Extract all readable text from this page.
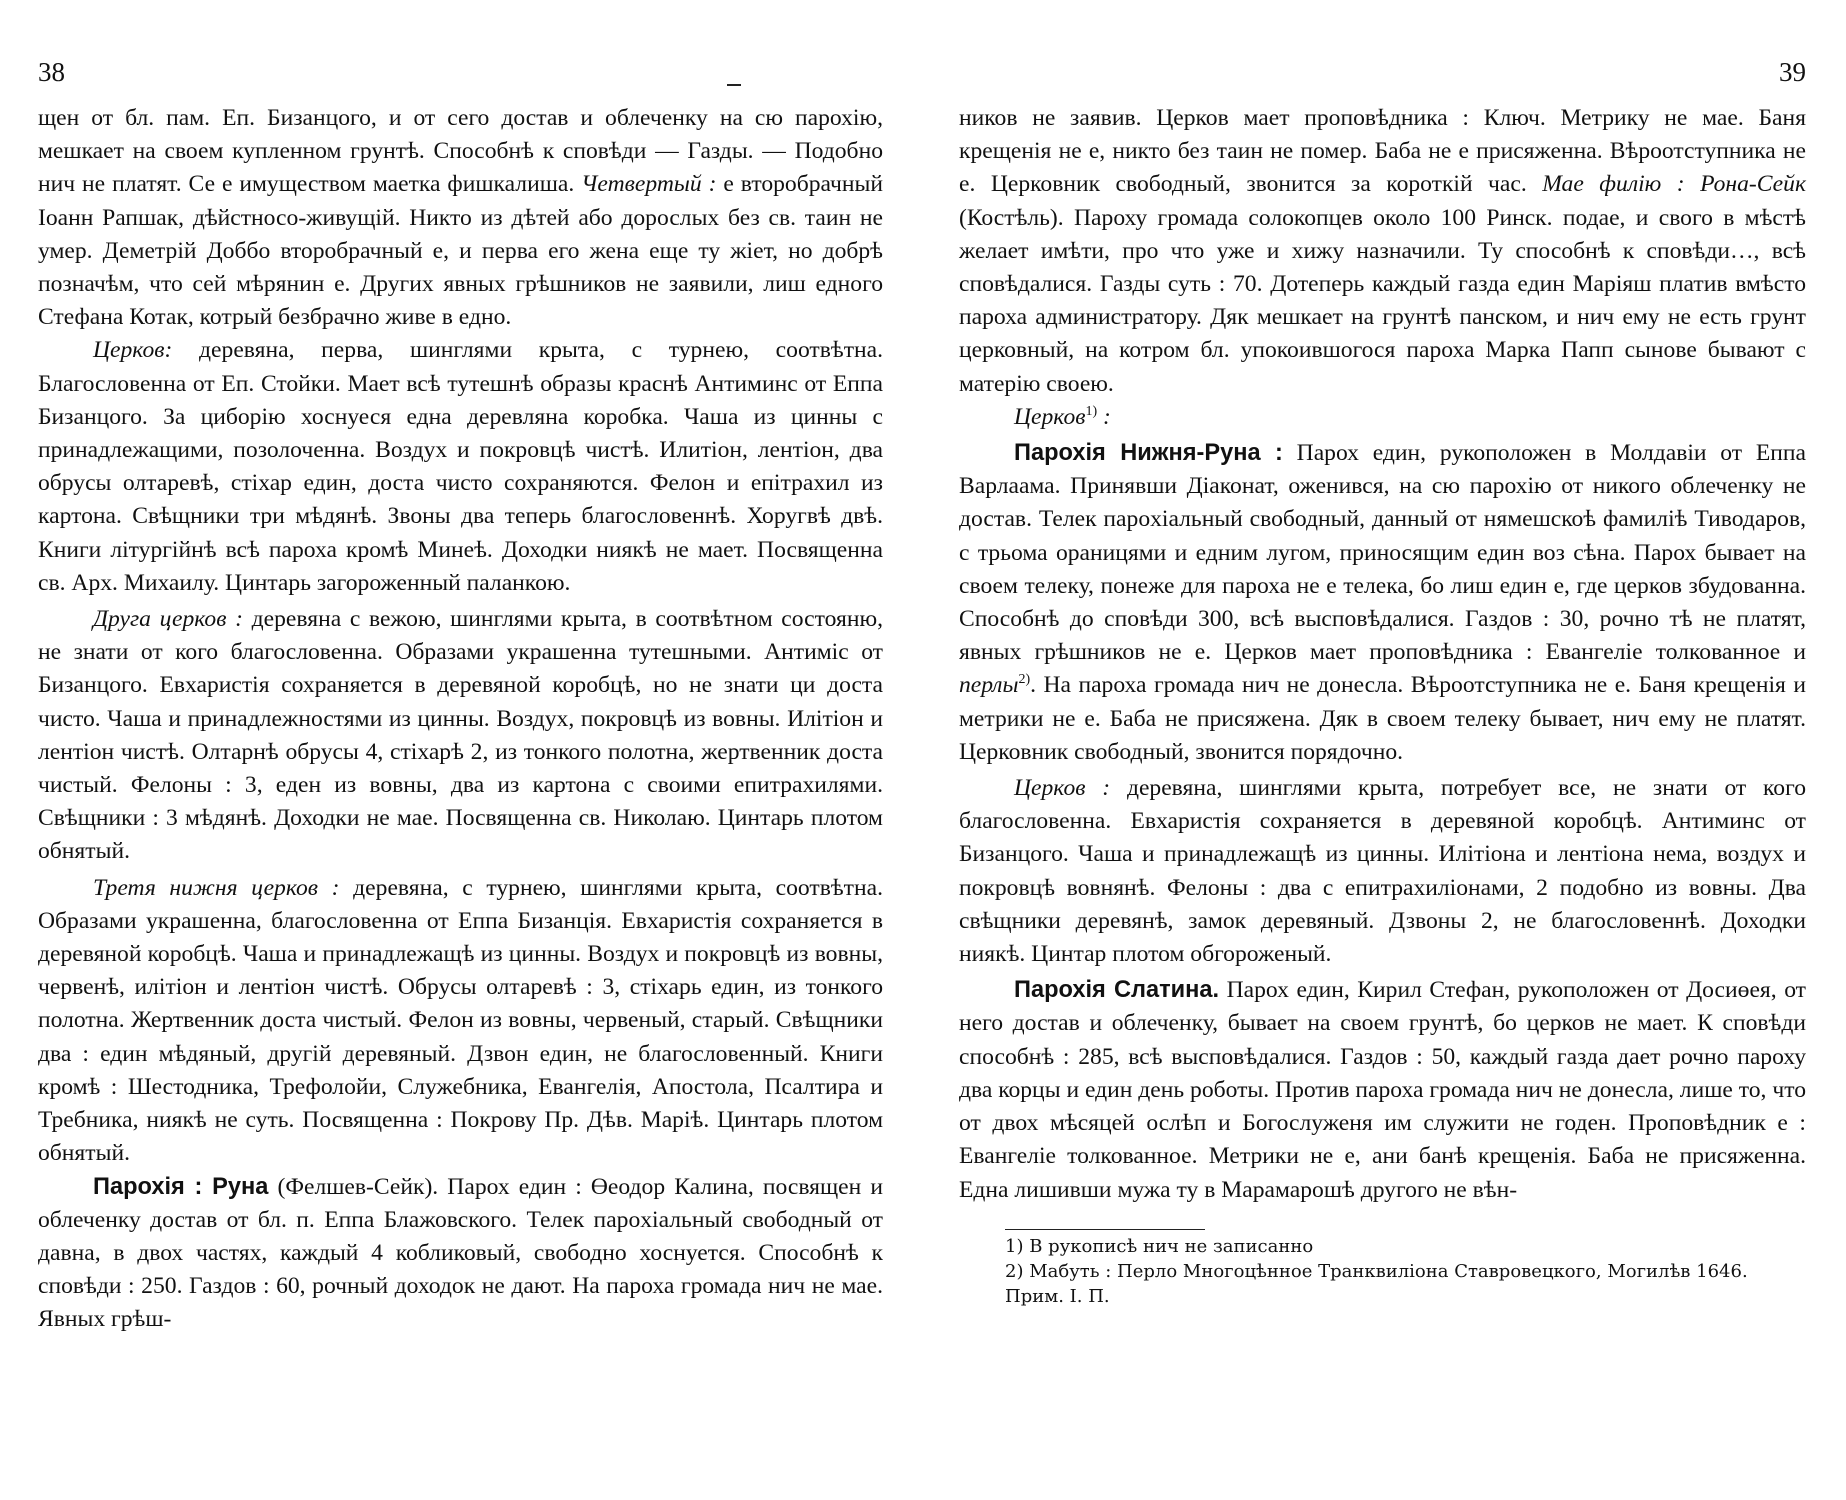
38

щен от бл. пам. Еп. Бизанцого, и от сего достав и облеченку на сю парохію, мешкает на своем купленном грунтѣ. Способнѣ к сповѣди — Газды. — Подобно нич не платят. Се е имуществом маетка фишкалиша. Четвертый : е второбрачный Іоанн Рапшак, дѣйстносо-живущій. Никто из дѣтей або дорослых без св. таин не умер. Деметрій Доббо второбрачный е, и перва его жена еще ту жіет, но добрѣ позначѣм, что сей мѣрянин е. Других явных грѣшников не заявили, лиш едного Стефана Котак, котрый безбрачно живе в едно.

Церков: деревяна, перва, шинглями крыта, с турнею, соотвѣтна. Благословенна от Еп. Стойки. Мает всѣ тутешнѣ образы краснѣ Антиминс от Еппа Бизанцого. За циборію хоснуеся една деревляна коробка. Чаша из цинны с принадлежащими, позолоченна. Воздух и покровцѣ чистѣ. Илитіон, лентіон, два обрусы олтаревѣ, стіхар един, доста чисто сохраняются. Фелон и епітрахил из картона. Свѣщники три мѣдянѣ. Звоны два теперь благословеннѣ. Хоругвѣ двѣ. Книги літургійнѣ всѣ пароха кромѣ Минеѣ. Доходки ниякѣ не мает. Посвященна св. Арх. Михаилу. Цинтарь загороженный паланкою.

Друга церков : деревяна с вежою, шинглями крыта, в соотвѣтном состояню, не знати от кого благословенна. Образами украшенна тутешными. Антиміс от Бизанцого. Евхаристія сохраняется в деревяной коробцѣ, но не знати ци доста чисто. Чаша и принадлежностями из цинны. Воздух, покровцѣ из вовны. Илітіон и лентіон чистѣ. Олтарнѣ обрусы 4, стіхарѣ 2, из тонкого полотна, жертвенник доста чистый. Фелоны : 3, еден из вовны, два из картона с своими епитрахилями. Свѣщники : 3 мѣдянѣ. Доходки не мае. Посвященна св. Николаю. Цинтарь плотом обнятый.

Третя нижня церков : деревяна, с турнею, шинглями крыта, соотвѣтна. Образами украшенна, благословенна от Еппа Бизанція. Евхаристія сохраняется в деревяной коробцѣ. Чаша и принадлежащѣ из цинны. Воздух и покровцѣ из вовны, червенѣ, илітіон и лентіон чистѣ. Обрусы олтаревѣ : 3, стіхарь един, из тонкого полотна. Жертвенник доста чистый. Фелон из вовны, червеный, старый. Свѣщники два : един мѣдяный, другій деревяный. Дзвон един, не благословенный. Книги кромѣ : Шестодника, Трефолойи, Служебника, Евангелія, Апостола, Псалтира и Требника, ниякѣ не суть. Посвященна : Покрову Пр. Дѣв. Маріѣ. Цинтарь плотом обнятый.

Парохія : Руна (Фелшев-Сейк). Парох един : Өеодор Калина, посвящен и облеченку достав от бл. п. Еппа Блажовского. Телек пароxіальный свободный от давна, в двох частях, каждый 4 кобликовый, свободно хоснуется. Способнѣ к сповѣди : 250. Газдов : 60, рочный доходок не дают. На пароха громада нич не мае. Явных грѣш-

39

ников не заявив. Церков мает проповѣдника : Ключ. Метрику не мае. Баня крещенія не е, никто без таин не помер. Баба не е присяженна. Вѣроотступника не е. Церковник свободный, звонится за короткій час. Мае филію : Рона-Сейк (Костѣль). Пароху громада солокопцев около 100 Ринск. подае, и свого в мѣстѣ желает имѣти, про что уже и хижу назначили. Ту способнѣ к сповѣди…, всѣ сповѣдалися. Газды суть : 70. Дотеперь каждый газда един Маріяш платив вмѣсто пароха администратору. Дяк мешкает на грунтѣ панском, и нич ему не есть грунт церковный, на котром бл. упокоившогося пароха Марка Папп сынове бывают с матерію своею.

Церков$^{1)}$ :

Парохія Нижня-Руна : Парох един, рукоположен в Молдавіи от Еппа Варлаама. Принявши Діаконат, оженився, на сю парохію от никого облеченку не достав. Телек пароxіальный свободный, данный от нямешскоѣ фамиліѣ Тиводаров, с трьома ораницями и едним лугом, приносящим един воз сѣна. Парох бывает на своем телеку, понеже для пароха не е телека, бо лиш един е, где церков збудованна. Способнѣ до сповѣди 300, всѣ высповѣдалися. Газдов : 30, рочно тѣ не платят, явных грѣшников не е. Церков мает проповѣдника : Евангеліе толкованное и перлы$^{2)}$. На пароха громада нич не донесла. Вѣроотступника не е. Баня крещенія и метрики не е. Баба не присяжена. Дяк в своем телеку бывает, нич ему не платят. Церковник свободный, звонится порядочно.

Церков : деревяна, шинглями крыта, потребует все, не знати от кого благословенна. Евхаристія сохраняется в деревяной коробцѣ. Антиминс от Бизанцого. Чаша и принадлежащѣ из цинны. Илітіона и лентіона нема, воздух и покровцѣ вовнянѣ. Фелоны : два с епитрахиліонами, 2 подобно из вовны. Два свѣщники деревянѣ, замок деревяный. Дзвоны 2, не благословеннѣ. Доходки ниякѣ. Цинтар плотом обгороженый.

Парохія Слатина. Парох един, Кирил Стефан, рукоположен от Досиөея, от него достав и облеченку, бывает на своем грунтѣ, бо церков не мает. К сповѣди способнѣ : 285, всѣ высповѣдалися. Газдов : 50, каждый газда дает рочно пароху два корцы и един день роботы. Против пароха громада нич не донесла, лише то, что от двох мѣсяцей ослѣп и Богослуженя им служити не годен. Проповѣдник е : Евангеліе толкованное. Метрики не е, ани банѣ крещенія. Баба не присяженна. Една лишивши мужа ту в Марамарошѣ другого не вѣн-

1) В рукописѣ нич не записанно
2) Мабуть : Перло Многоцѣнное Транквиліона Ставровецкого, Могилѣв 1646. Прим. І. П.
